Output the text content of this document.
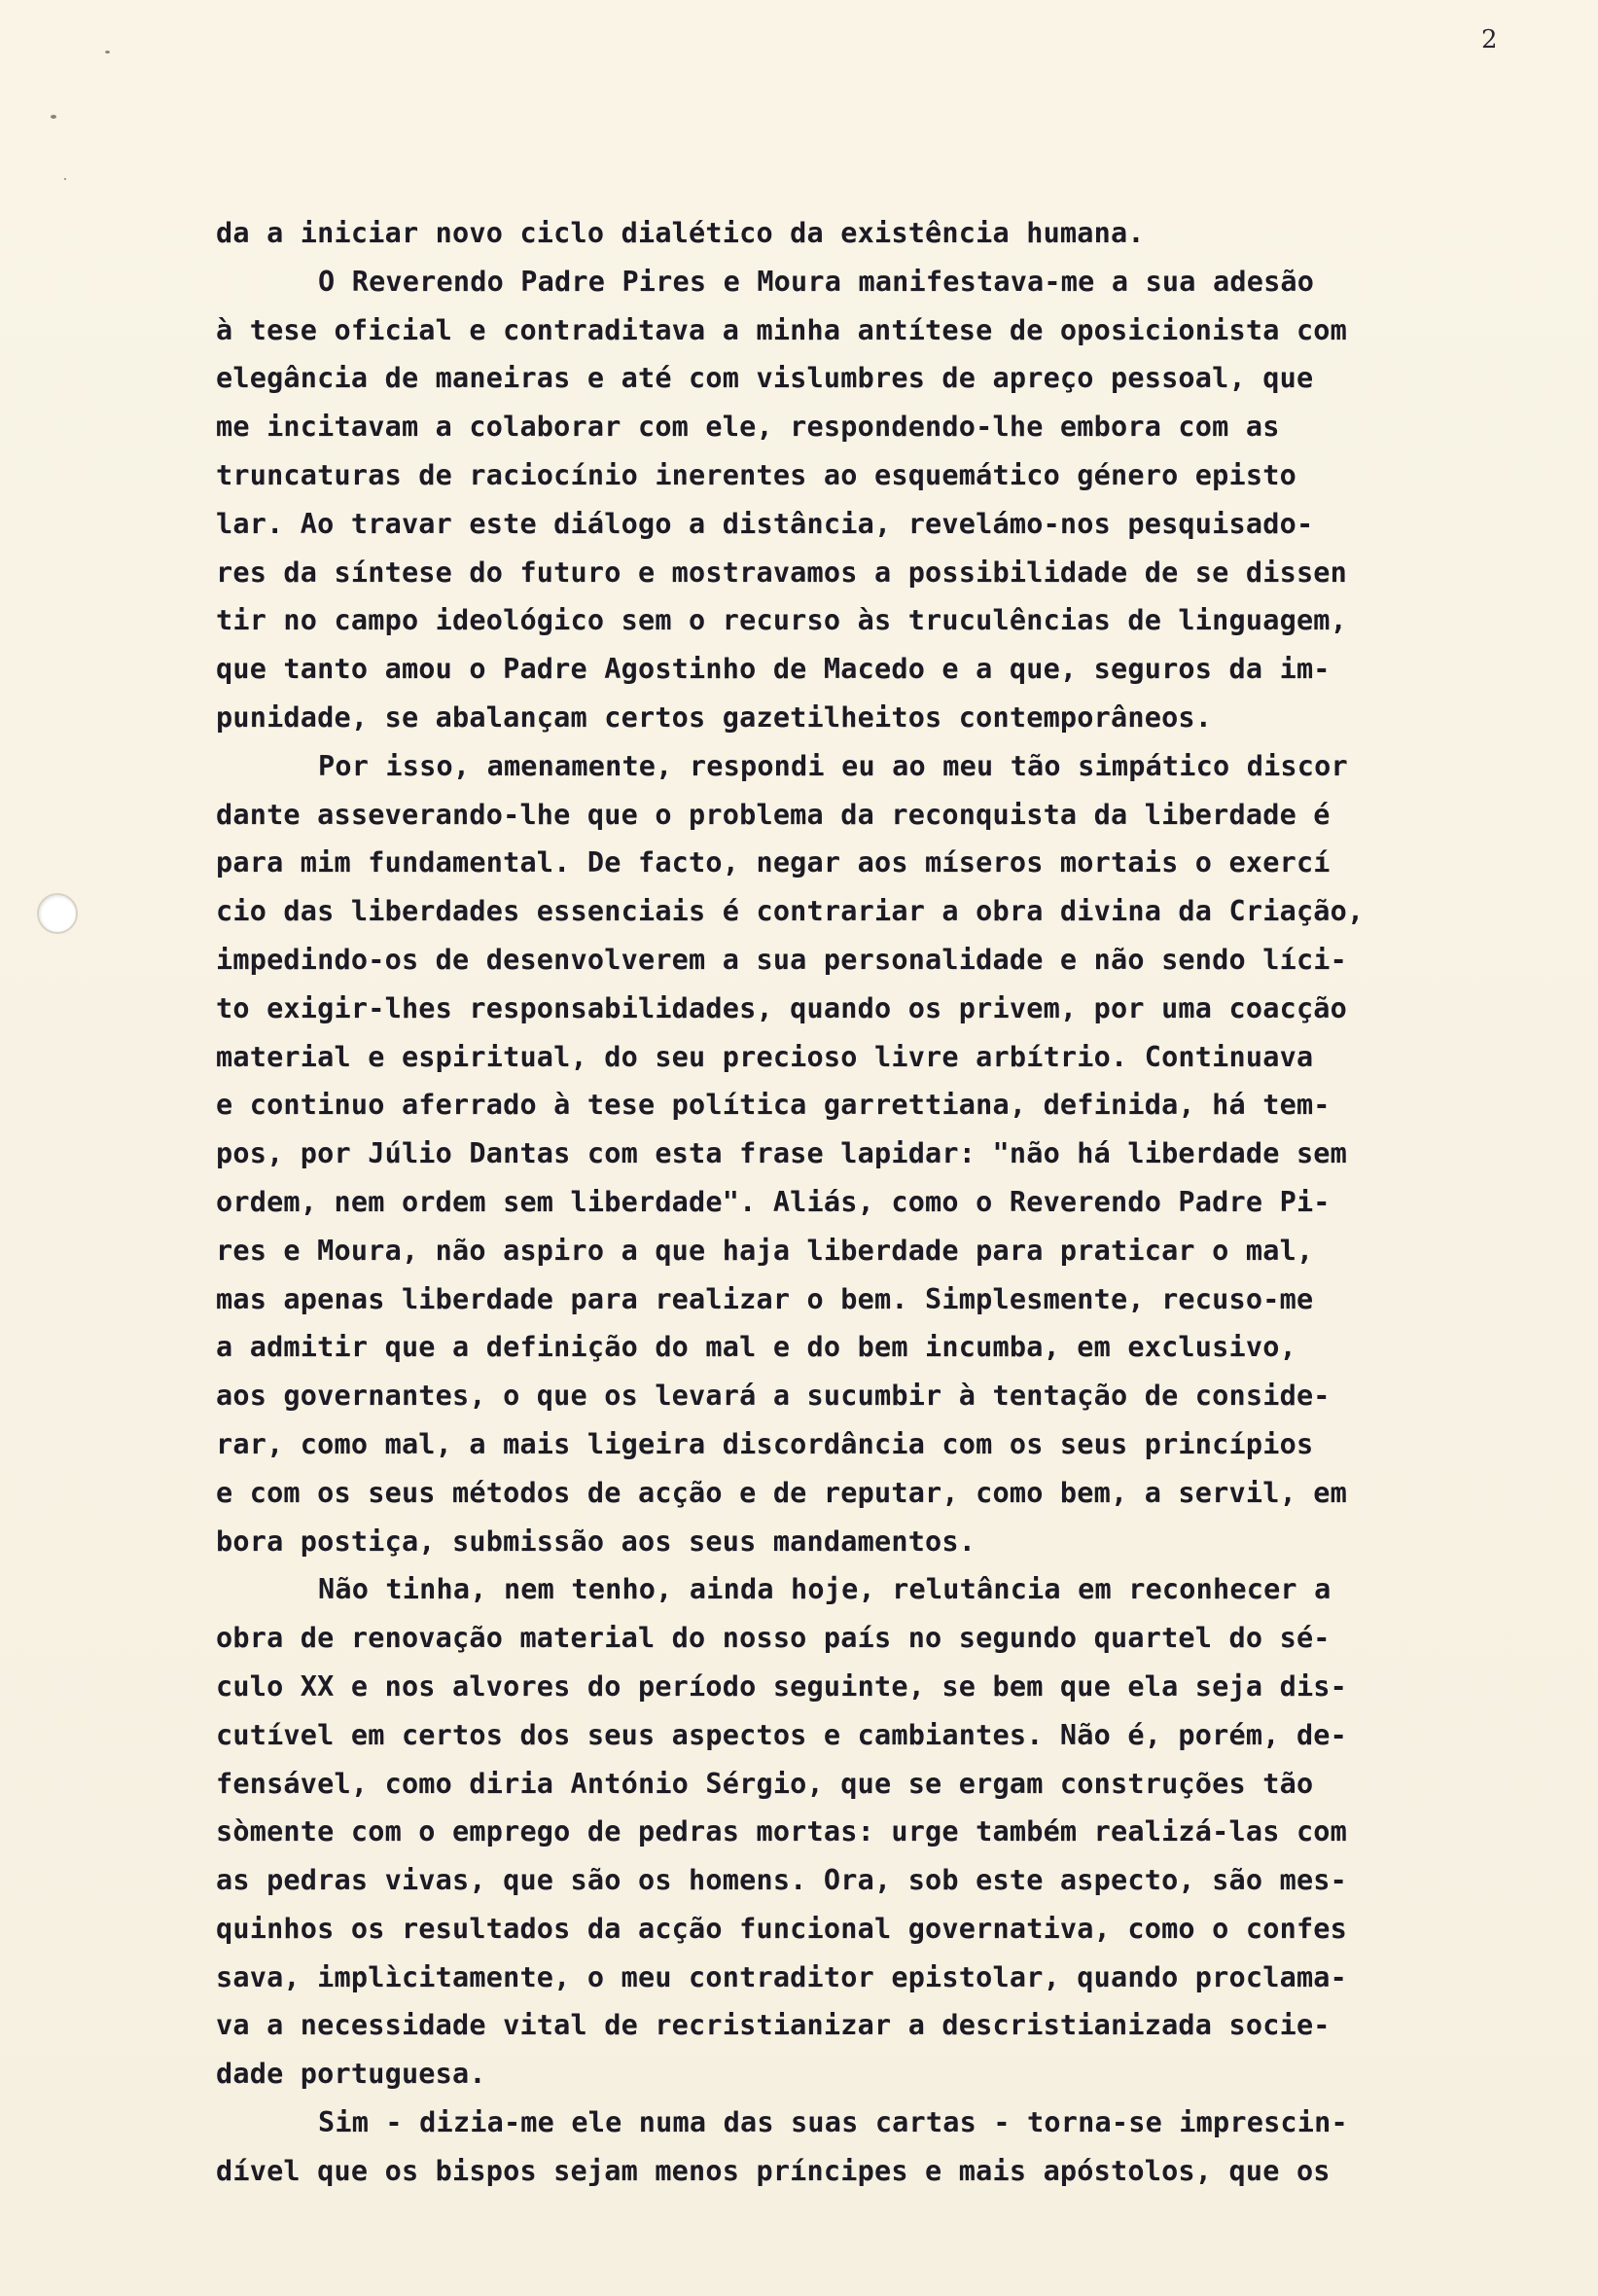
2
da a iniciar novo ciclo dialético da existência humana.
O Reverendo Padre Pires e Moura manifestava-me a sua adesão
à tese oficial e contraditava a minha antítese de oposicionista com
elegância de maneiras e até com vislumbres de apreço pessoal, que
me incitavam a colaborar com ele, respondendo-lhe embora com as
truncaturas de raciocínio inerentes ao esquemático género episto
lar. Ao travar este diálogo a distância, revelámo-nos pesquisado-
res da síntese do futuro e mostravamos a possibilidade de se dissen
tir no campo ideológico sem o recurso às truculências de linguagem,
que tanto amou o Padre Agostinho de Macedo e a que, seguros da im-
punidade, se abalançam certos gazetilheitos contemporâneos.
Por isso, amenamente, respondi eu ao meu tão simpático discor
dante asseverando-lhe que o problema da reconquista da liberdade é
para mim fundamental. De facto, negar aos míseros mortais o exercí
cio das liberdades essenciais é contrariar a obra divina da Criação,
impedindo-os de desenvolverem a sua personalidade e não sendo líci-
to exigir-lhes responsabilidades, quando os privem, por uma coacção
material e espiritual, do seu precioso livre arbítrio. Continuava
e continuo aferrado à tese política garrettiana, definida, há tem-
pos, por Júlio Dantas com esta frase lapidar: "não há liberdade sem
ordem, nem ordem sem liberdade". Aliás, como o Reverendo Padre Pi-
res e Moura, não aspiro a que haja liberdade para praticar o mal,
mas apenas liberdade para realizar o bem. Simplesmente, recuso-me
a admitir que a definição do mal e do bem incumba, em exclusivo,
aos governantes, o que os levará a sucumbir à tentação de conside-
rar, como mal, a mais ligeira discordância com os seus princípios
e com os seus métodos de acção e de reputar, como bem, a servil, em
bora postiça, submissão aos seus mandamentos.
Não tinha, nem tenho, ainda hoje, relutância em reconhecer a
obra de renovação material do nosso país no segundo quartel do sé-
culo XX e nos alvores do período seguinte, se bem que ela seja dis-
cutível em certos dos seus aspectos e cambiantes. Não é, porém, de-
fensável, como diria António Sérgio, que se ergam construções tão
sòmente com o emprego de pedras mortas: urge também realizá-las com
as pedras vivas, que são os homens. Ora, sob este aspecto, são mes-
quinhos os resultados da acção funcional governativa, como o confes
sava, implìcitamente, o meu contraditor epistolar, quando proclama-
va a necessidade vital de recristianizar a descristianizada socie-
dade portuguesa.
Sim - dizia-me ele numa das suas cartas - torna-se imprescin-
dível que os bispos sejam menos príncipes e mais apóstolos, que os
